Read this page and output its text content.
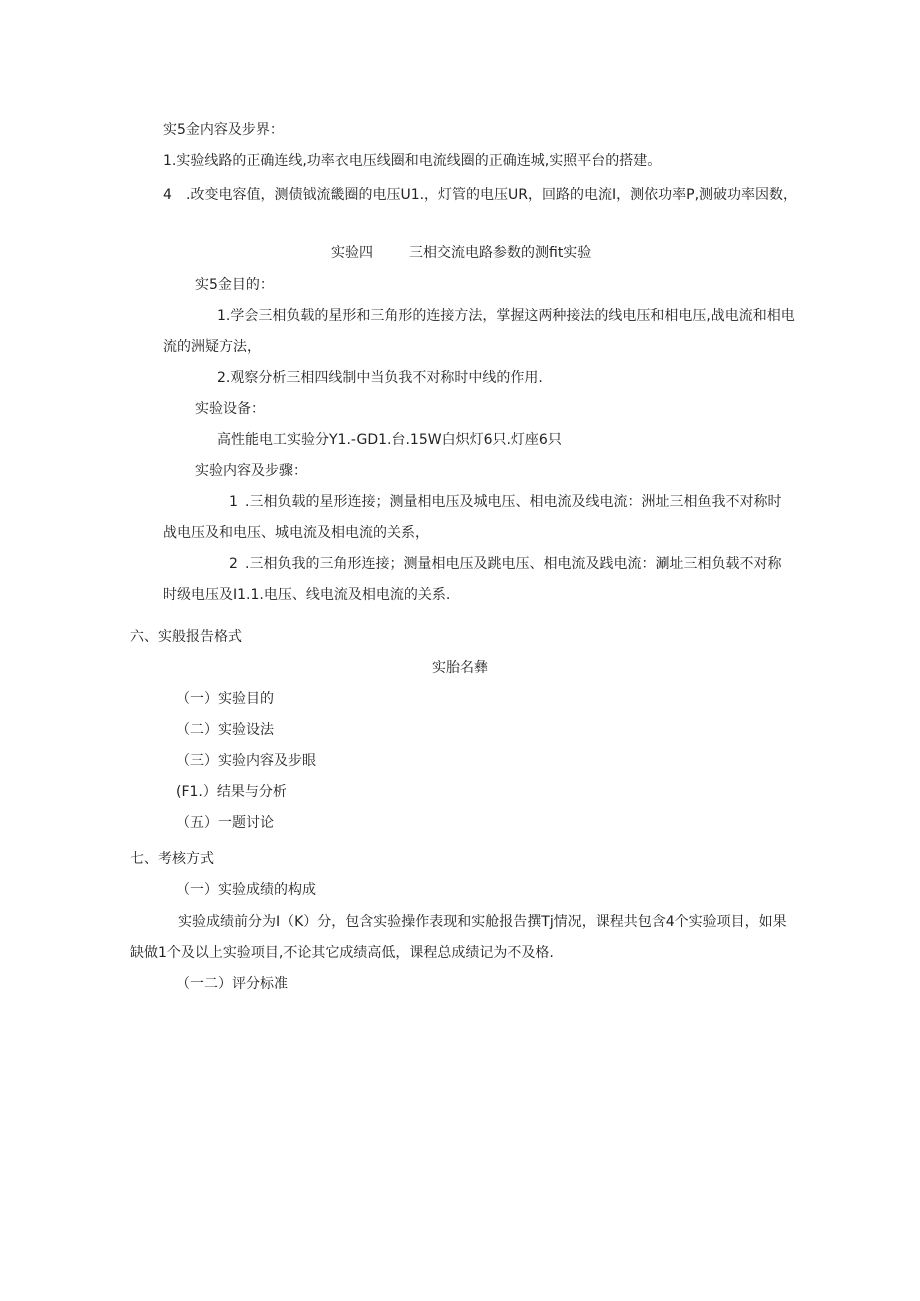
实5金内容及步界：
1.实验线路的正确连线,功率衣电压线圈和电流线圈的正确连城,实照平台的搭建。
4 .改变电容值，测债钺流畿圈的电压U1.，灯管的电压UR，回路的电流I，测依功率P,测破功率因数，
实验四	三相交流电路参数的测fit实验
实5金目的：
1.学会三相负载的星形和三角形的连接方法，掌握这两种接法的线电压和相电压,战电流和相电
流的洲疑方法，
2.观察分析三相四线制中当负我不对称时中线的作用.
实验设备：
高性能电工实验分Y1.-GD1.台.15W白炽灯6只.灯座6只
实验内容及步骤：
1 .三相负载的星形连接；测量相电压及城电压、相电流及线电流：洲址三相鱼我不对称时
战电压及和电压、城电流及相电流的关系，
2 .三相负我的三角形连接；测量相电压及跳电压、相电流及践电流：涮址三相负载不对称
时级电压及I1.1.电压、线电流及相电流的关系.
六、实般报告格式
实胎名彝
（一）实验目的
（二）实验设法
（三）实验内容及步眼
(F1.）结果与分析
（五）一题讨论
七、考核方式
（一）实验成绩的构成
实验成绩前分为I（K）分，包含实验操作表现和实舱报告撰Tj情况，课程共包含4个实验项目，如果
缺做1个及以上实验项目,不论其它成绩高低，课程总成绩记为不及格.
（一二）评分标准
